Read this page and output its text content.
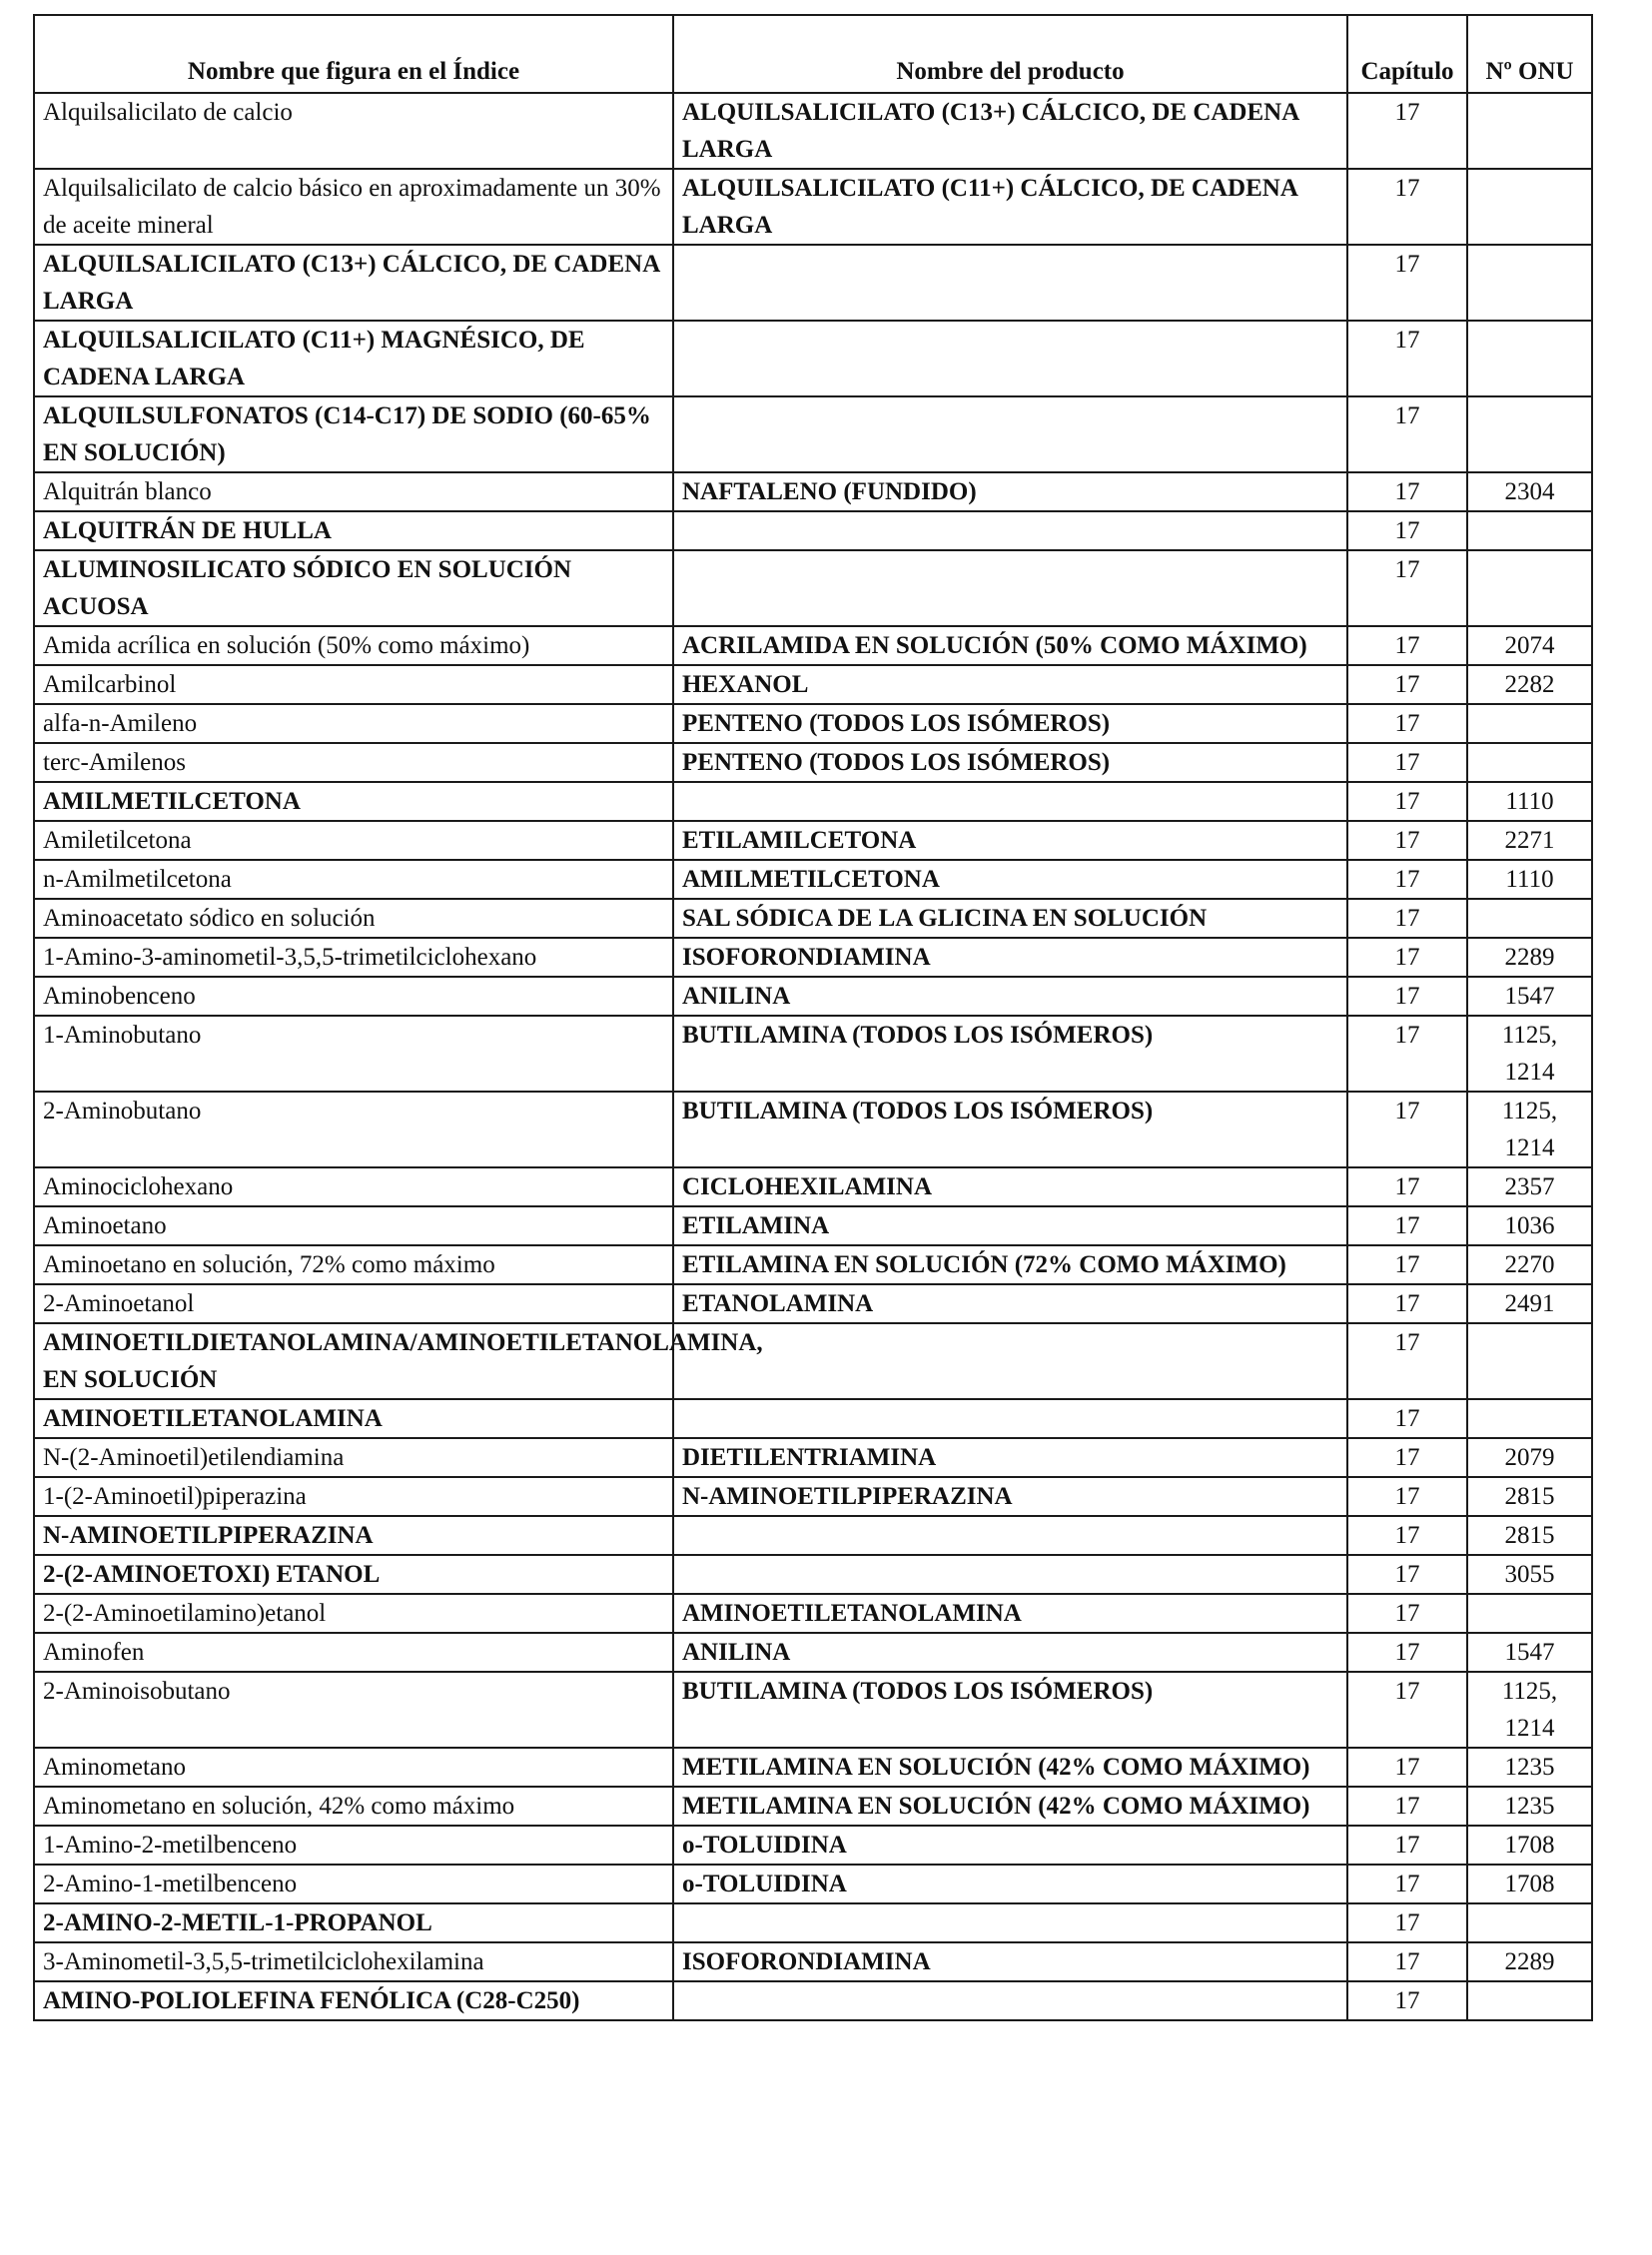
Nombre que figura en el Índice	Nombre del producto	Capítulo	Nº ONU
Alquilsalicilato de calcio	ALQUILSALICILATO (C13+) CÁLCICO, DE CADENA LARGA	17	
Alquilsalicilato de calcio básico en aproximadamente un 30% de aceite mineral	ALQUILSALICILATO (C11+) CÁLCICO, DE CADENA LARGA	17	
ALQUILSALICILATO (C13+) CÁLCICO, DE CADENA LARGA		17	
ALQUILSALICILATO (C11+) MAGNÉSICO, DE CADENA LARGA		17	
ALQUILSULFONATOS (C14-C17) DE SODIO (60-65% EN SOLUCIÓN)		17	
Alquitrán blanco	NAFTALENO (FUNDIDO)	17	2304
ALQUITRÁN DE HULLA		17	
ALUMINOSILICATO SÓDICO EN SOLUCIÓN ACUOSA		17	
Amida acrílica en solución (50% como máximo)	ACRILAMIDA EN SOLUCIÓN (50% COMO MÁXIMO)	17	2074
Amilcarbinol	HEXANOL	17	2282
alfa-n-Amileno	PENTENO (TODOS LOS ISÓMEROS)	17	
terc-Amilenos	PENTENO (TODOS LOS ISÓMEROS)	17	
AMILMETILCETONA		17	1110
Amiletilcetona	ETILAMILCETONA	17	2271
n-Amilmetilcetona	AMILMETILCETONA	17	1110
Aminoacetato sódico en solución	SAL SÓDICA DE LA GLICINA EN SOLUCIÓN	17	
1-Amino-3-aminometil-3,5,5-trimetilciclohexano	ISOFORONDIAMINA	17	2289
Aminobenceno	ANILINA	17	1547
1-Aminobutano	BUTILAMINA (TODOS LOS ISÓMEROS)	17	1125, 1214
2-Aminobutano	BUTILAMINA (TODOS LOS ISÓMEROS)	17	1125, 1214
Aminociclohexano	CICLOHEXILAMINA	17	2357
Aminoetano	ETILAMINA	17	1036
Aminoetano en solución, 72% como máximo	ETILAMINA EN SOLUCIÓN (72% COMO MÁXIMO)	17	2270
2-Aminoetanol	ETANOLAMINA	17	2491
AMINOETILDIETANOLAMINA/AMINOETILETANOLAMINA, EN SOLUCIÓN		17	
AMINOETILETANOLAMINA		17	
N-(2-Aminoetil)etilendiamina	DIETILENTRIAMINA	17	2079
1-(2-Aminoetil)piperazina	N-AMINOETILPIPERAZINA	17	2815
N-AMINOETILPIPERAZINA		17	2815
2-(2-AMINOETOXI) ETANOL		17	3055
2-(2-Aminoetilamino)etanol	AMINOETILETANOLAMINA	17	
Aminofen	ANILINA	17	1547
2-Aminoisobutano	BUTILAMINA (TODOS LOS ISÓMEROS)	17	1125, 1214
Aminometano	METILAMINA EN SOLUCIÓN (42% COMO MÁXIMO)	17	1235
Aminometano en solución, 42% como máximo	METILAMINA EN SOLUCIÓN (42% COMO MÁXIMO)	17	1235
1-Amino-2-metilbenceno	o-TOLUIDINA	17	1708
2-Amino-1-metilbenceno	o-TOLUIDINA	17	1708
2-AMINO-2-METIL-1-PROPANOL		17	
3-Aminometil-3,5,5-trimetilciclohexilamina	ISOFORONDIAMINA	17	2289
AMINO-POLIOLEFINA FENÓLICA (C28-C250)		17	
